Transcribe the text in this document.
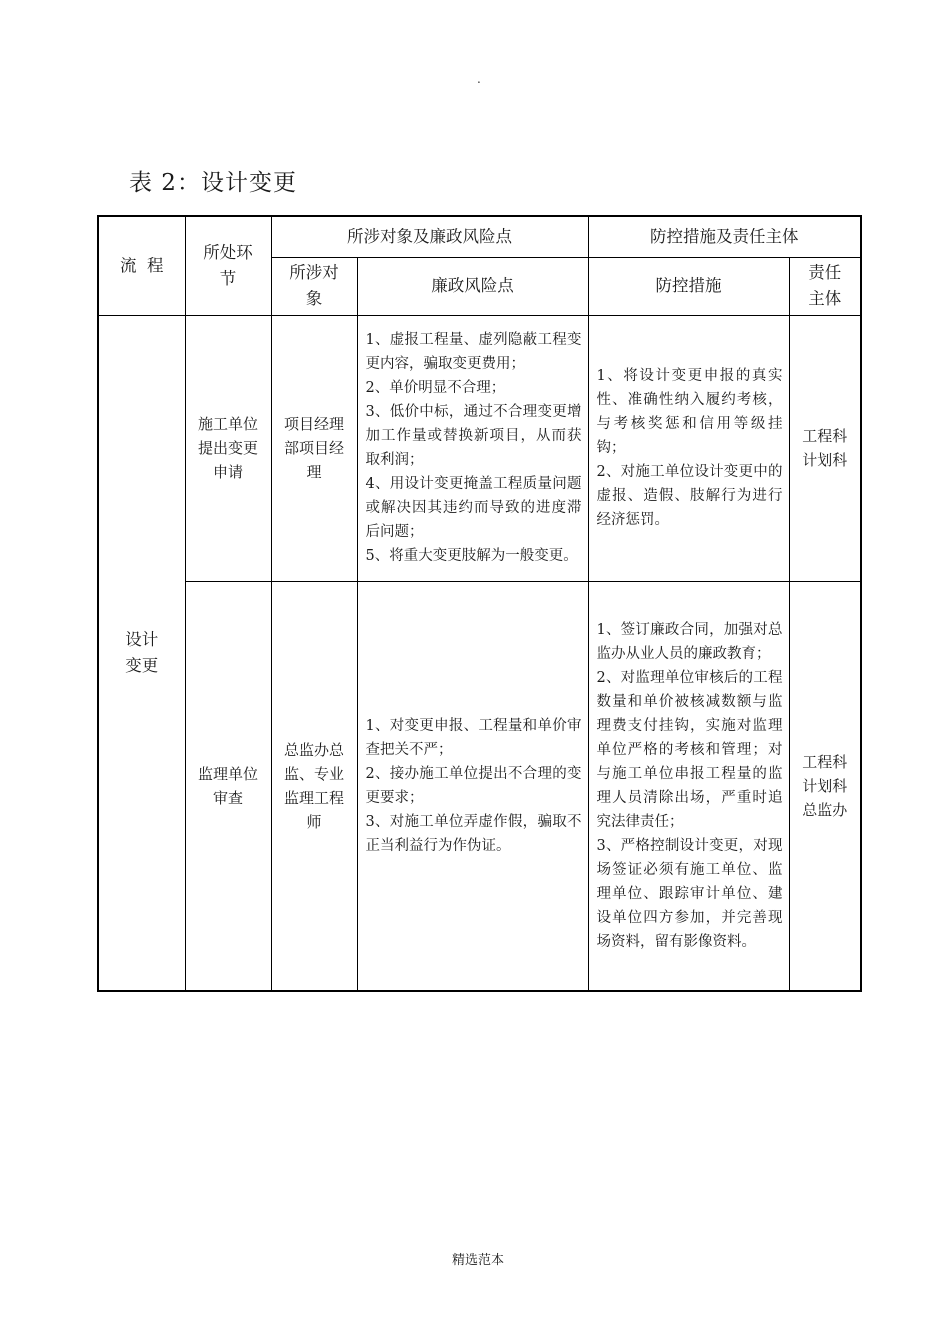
.
表 2：设计变更
流  程	所处环节	所涉对象及廉政风险点		防控措施及责任主体	

		所涉对象	廉政风险点	防控措施	责任主体

设计变更	施工单位提出变更申请	项目经理部项目经理	1、虚报工程量、虚列隐蔽工程变更内容，骗取变更费用；
2、单价明显不合理；
3、低价中标，通过不合理变更增加工作量或替换新项目，从而获取利润；
4、用设计变更掩盖工程质量问题或解决因其违约而导致的进度滞后问题；
5、将重大变更肢解为一般变更。	1、将设计变更申报的真实性、准确性纳入履约考核，与考核奖惩和信用等级挂钩；
2、对施工单位设计变更中的虚报、造假、肢解行为进行经济惩罚。	工程科计划科

	监理单位审查	总监办总监、专业监理工程师	1、对变更申报、工程量和单价审查把关不严；
2、接办施工单位提出不合理的变更要求；
3、对施工单位弄虚作假，骗取不正当利益行为作伪证。	1、签订廉政合同，加强对总监办从业人员的廉政教育；
2、对监理单位审核后的工程数量和单价被核减数额与监理费支付挂钩，实施对监理单位严格的考核和管理；对与施工单位串报工程量的监理人员清除出场，严重时追究法律责任；
3、严格控制设计变更，对现场签证必须有施工单位、监理单位、跟踪审计单位、建设单位四方参加，并完善现场资料，留有影像资料。	工程科计划科总监办
精选范本
